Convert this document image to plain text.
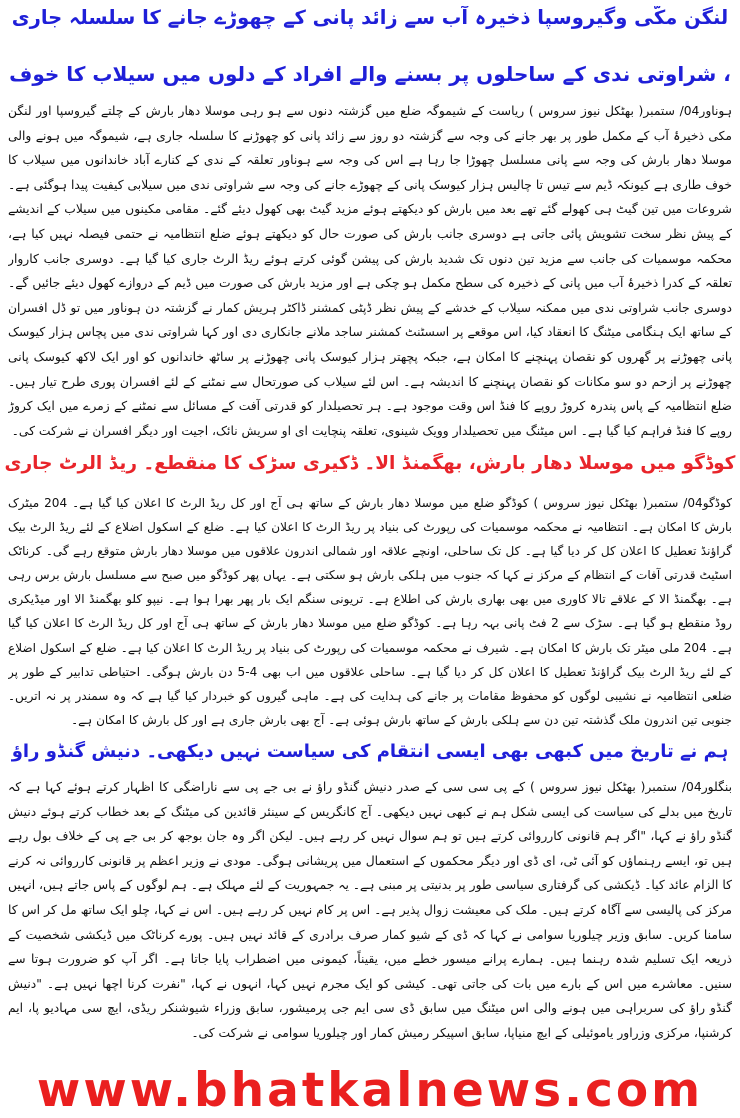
لنگن مکّی وگیروسپا ذخیرہ آب سے زائد پانی کے چھوڑے جانے کا سلسلہ جاری
، شراوتی ندی کے ساحلوں پر بسنے والے افراد کے دلوں میں سیلاب کا خوف
ہوناور04/ ستمبر( بھٹکل نیوز سروس ) ریاست کے شیموگہ ضلع میں گزشتہ دنوں سے ہو رہی موسلا دھار بارش کے چلتے گیروسپا اور لنگن مکی ذخیرۂ آب کے مکمل طور پر بھر جانے کی وجہ سے گزشتہ دو روز سے زائد پانی کو چھوڑنے کا سلسلہ جاری ہے، شیموگہ میں ہونے والی موسلا دھار بارش کی وجہ سے پانی مسلسل چھوڑا جا رہا ہے اس کی وجہ سے ہوناور تعلقہ کے ندی کے کنارے آباد خاندانوں میں سیلاب کا خوف طاری ہے کیونکہ ڈیم سے تیس تا چالیس ہزار کیوسک پانی کے چھوڑے جانے کی وجہ سے شراوتی ندی میں سیلابی کیفیت پیدا ہوگئی ہے۔ شروعات میں تین گیٹ ہی کھولے گئے تھے بعد میں بارش کو دیکھتے ہوئے مزید گیٹ بھی کھول دیئے گئے۔ مقامی مکینوں میں سیلاب کے اندیشے کے پیش نظر سخت تشویش پائی جاتی ہے دوسری جانب بارش کی صورت حال کو دیکھتے ہوئے ضلع انتظامیہ نے حتمی فیصلہ نہیں کیا ہے، محکمہ موسمیات کی جانب سے مزید تین دنوں تک شدید بارش کی پیشن گوئی کرتے ہوئے ریڈ الرٹ جاری کیا گیا ہے۔ دوسری جانب کاروار تعلقہ کے کدرا ذخیرۂ آب میں پانی کے ذخیرہ کی سطح مکمل ہو چکی ہے اور مزید بارش کی صورت میں ڈیم کے دروازے کھول دیئے جائیں گے۔ دوسری جانب شراوتی ندی میں ممکنہ سیلاب کے خدشے کے پیش نظر ڈپٹی کمشنر ڈاکٹر ہریش کمار نے گزشتہ دن ہوناور میں تو ڈل افسران کے ساتھ ایک ہنگامی میٹنگ کا انعقاد کیا، اس موقعے پر اسسٹنٹ کمشنر ساجد ملانے جانکاری دی اور کہا شراوتی ندی میں پچاس ہزار کیوسک پانی چھوڑنے پر گھروں کو نقصان پہنچنے کا امکان ہے، جبکہ پچھتر ہزار کیوسک پانی چھوڑنے پر ساٹھ خاندانوں کو اور ایک لاکھ کیوسک پانی چھوڑنے پر ازحم دو سو مکانات کو نقصان پہنچنے کا اندیشہ ہے۔ اس لئے سیلاب کی صورتحال سے نمٹنے کے لئے افسران پوری طرح تیار ہیں۔ ضلع انتظامیہ کے پاس پندرہ کروڑ روپے کا فنڈ اس وقت موجود ہے۔ ہر تحصیلدار کو قدرتی آفت کے مسائل سے نمٹنے کے زمرے میں ایک کروڑ روپے کا فنڈ فراہم کیا گیا ہے۔ اس میٹنگ میں تحصیلدار وویک شینوی، تعلقہ پنچایت ای او سریش نائک، اجیت اور دیگر افسران نے شرکت کی۔
کوڈگو میں موسلا دھار بارش، بھگمنڈ الا۔ ڈکیری سڑک کا منقطع۔ ریڈ الرٹ جاری
کوڈگو04/ ستمبر( بھٹکل نیوز سروس ) کوڈگو ضلع میں موسلا دھار بارش کے ساتھ ہی آج اور کل ریڈ الرٹ کا اعلان کیا گیا ہے۔ 204 میٹرک بارش کا امکان ہے۔ انتظامیہ نے محکمہ موسمیات کی رپورٹ کی بنیاد پر ریڈ الرٹ کا اعلان کیا ہے۔ ضلع کے اسکول اضلاع کے لئے ریڈ الرٹ بیک گراؤنڈ تعطیل کا اعلان کل کر دیا گیا ہے۔ کل تک ساحلی، اونچے علاقہ اور شمالی اندرون علاقوں میں موسلا دھار بارش متوقع رہے گی۔ کرناٹک اسٹیٹ قدرتی آفات کے انتظام کے مرکز نے کہا کہ جنوب میں ہلکی بارش ہو سکتی ہے۔ یہاں پھر کوڈگو میں صبح سے مسلسل بارش برس رہی ہے۔ بھگمنڈ الا کے علاقے تالا کاوری میں بھی بھاری بارش کی اطلاع ہے۔ تریونی سنگم ایک بار پھر بھرا ہوا ہے۔ نیپو کلو بھگمنڈ الا اور میڈیکری روڈ منقطع ہو گیا ہے۔ سڑک سے 2 فٹ پانی بہہ رہا ہے۔ کوڈگو ضلع میں موسلا دھار بارش کے ساتھ ہی آج اور کل ریڈ الرٹ کا اعلان کیا گیا ہے۔ 204 ملی میٹر تک بارش کا امکان ہے۔ شیرف نے محکمہ موسمیات کی رپورٹ کی بنیاد پر ریڈ الرٹ کا اعلان کیا ہے۔ ضلع کے اسکول اضلاع کے لئے ریڈ الرٹ بیک گراؤنڈ تعطیل کا اعلان کل کر دیا گیا ہے۔ ساحلی علاقوں میں اب بھی 4-5 دن بارش ہوگی۔ احتیاطی تدابیر کے طور پر ضلعی انتظامیہ نے نشیبی لوگوں کو محفوظ مقامات پر جانے کی ہدایت کی ہے۔ ماہی گیروں کو خبردار کیا گیا ہے کہ وہ سمندر پر نہ اتریں۔ جنوبی تین اندرون ملک گذشتہ تین دن سے ہلکی بارش کے ساتھ بارش ہوئی ہے۔ آج بھی بارش جاری ہے اور کل بارش کا امکان ہے۔
ہم نے تاریخ میں کبھی بھی ایسی انتقام کی سیاست نہیں دیکھی۔ دنیش گنڈو راؤ
بنگلور04/ ستمبر( بھٹکل نیوز سروس ) کے پی سی سی کے صدر دنیش گنڈو راؤ نے بی جے پی سے ناراضگی کا اظہار کرتے ہوئے کہا ہے کہ تاریخ میں بدلے کی سیاست کی ایسی شکل ہم نے کبھی نہیں دیکھی۔ آج کانگریس کے سینئر قائدین کی میٹنگ کے بعد خطاب کرتے ہوئے دنیش گنڈو راؤ نے کہا، "اگر ہم قانونی کارروائی کرتے ہیں تو ہم سوال نہیں کر رہے ہیں۔ لیکن اگر وہ جان بوجھ کر بی جے پی کے خلاف بول رہے ہیں تو، ایسے رہنماؤں کو آئی ٹی، ای ڈی اور دیگر محکموں کے استعمال میں پریشانی ہوگی۔ مودی نے وزیر اعظم پر قانونی کارروائی نہ کرنے کا الزام عائد کیا۔ ڈیکشی کی گرفتاری سیاسی طور پر بدنیتی پر مبنی ہے۔ یہ جمہوریت کے لئے مہلک ہے۔ ہم لوگوں کے پاس جاتے ہیں، انہیں مرکز کی پالیسی سے آگاہ کرتے ہیں۔ ملک کی معیشت زوال پذیر ہے۔ اس پر کام نہیں کر رہے ہیں۔ اس نے کہا، چلو ایک ساتھ مل کر اس کا سامنا کریں۔ سابق وزیر چیلوریا سوامی نے کہا کہ ڈی کے شیو کمار صرف برادری کے قائد نہیں ہیں۔ پورے کرناٹک میں ڈیکشی شخصیت کے ذریعہ ایک تسلیم شدہ رہنما ہیں۔ ہمارے پرانے میسور خطے میں، یقیناً، کیمونی میں اضطراب پایا جاتا ہے۔ اگر آپ کو ضرورت ہوتا سے سنیں۔ معاشرے میں اس کے بارے میں بات کی جاتی تھی۔ کیشی کو ایک مجرم نہیں کہا، انہوں نے کہا، "نفرت کرنا اچھا نہیں ہے۔ "دنیش گنڈو راؤ کی سربراہی میں ہونے والی اس میٹنگ میں سابق ڈی سی ایم جی پرمیشور، سابق وزراء شیوشنکر ریڈی، ایچ سی مہادیو پا، ایم کرشنپا، مرکزی وزراور یاموئیلی کے ایچ منیاپا، سابق اسپیکر رمیش کمار اور چیلوریا سوامی نے شرکت کی۔
www.bhatkalnews.com
